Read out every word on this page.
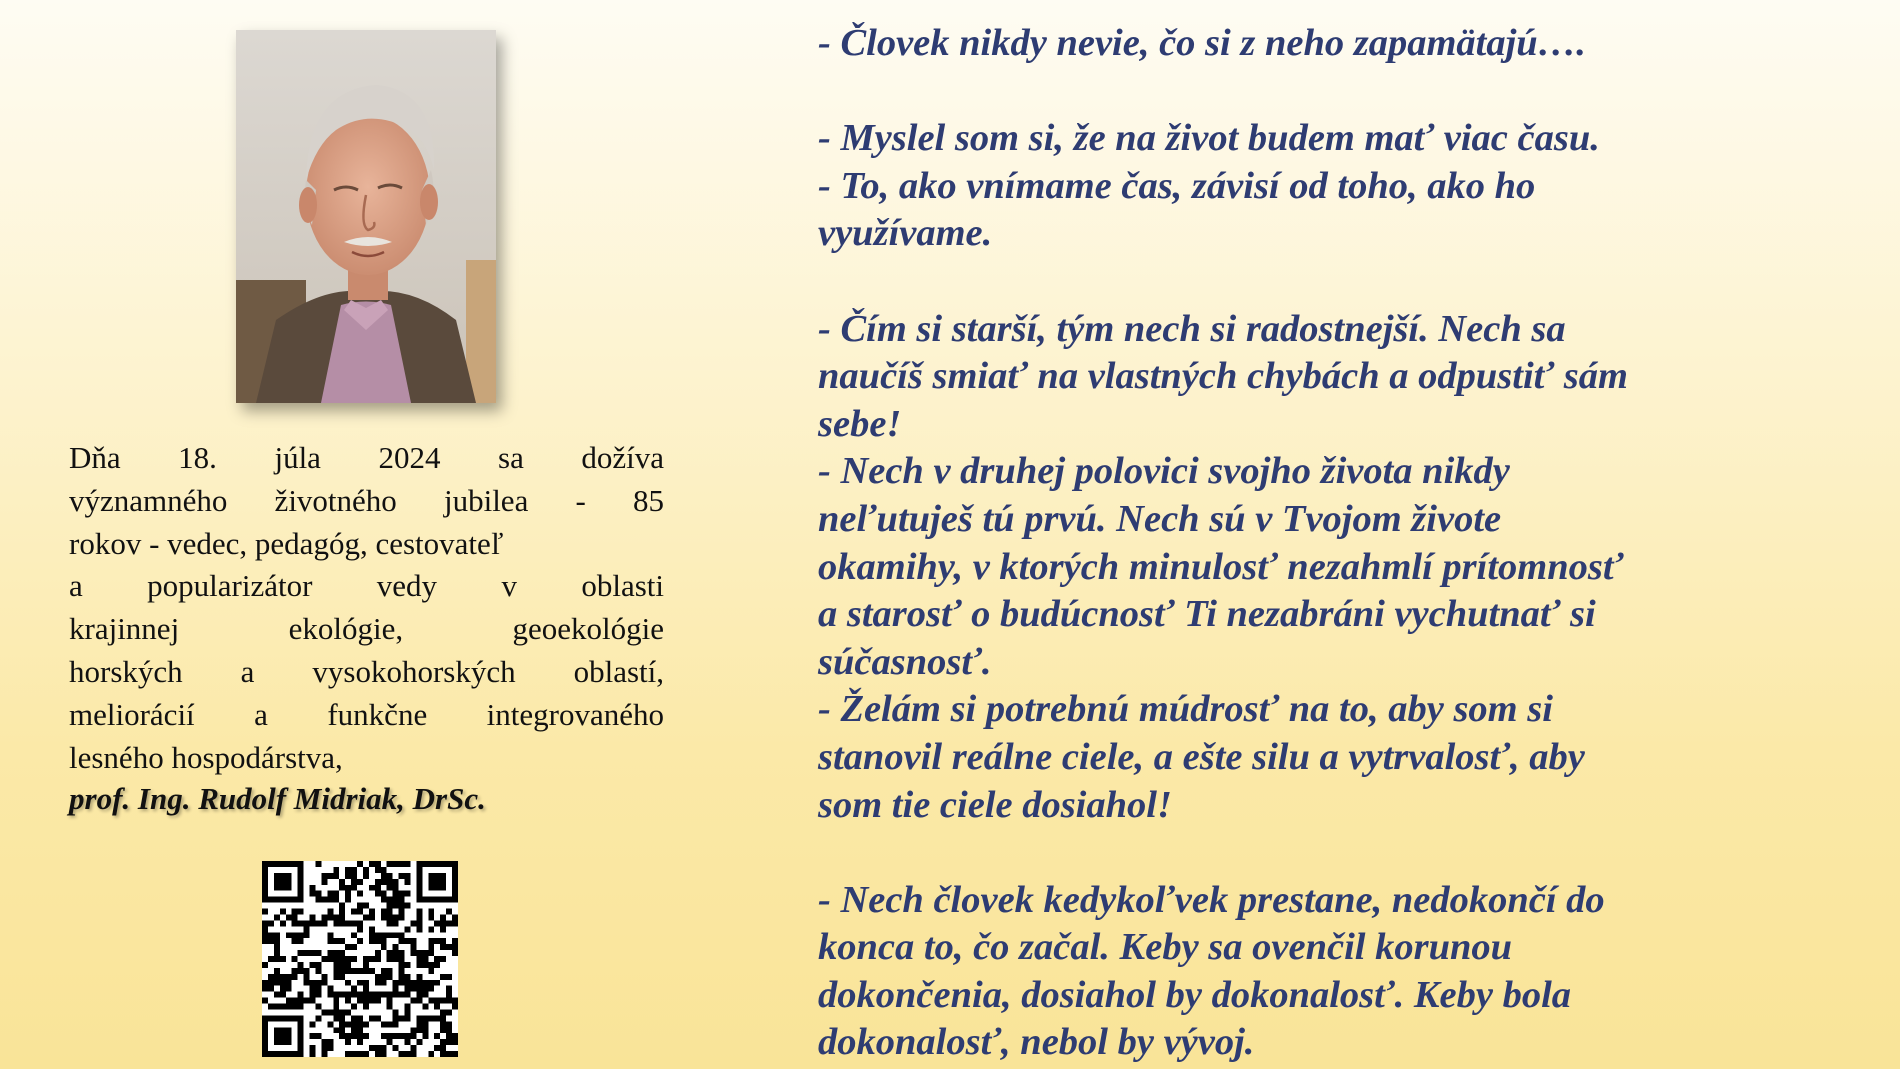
Dňa 18. júla 2024 sa dožíva
významného životného jubilea - 85
rokov - vedec, pedagóg, cestovateľ
a popularizátor vedy v oblasti
krajinnej ekológie, geoekológie
horských a vysokohorských oblastí,
meliorácií a funkčne integrovaného
lesného hospodárstva,
prof. Ing. Rudolf Midriak, DrSc.
- Človek nikdy nevie, čo si z neho zapamätajú….
- Myslel som si, že na život budem mať viac času.
- To, ako vnímame čas, závisí od toho, ako ho
využívame.
- Čím si starší, tým nech si radostnejší. Nech sa
naučíš smiať na vlastných chybách a odpustiť sám
sebe!
- Nech v druhej polovici svojho života nikdy
neľutuješ tú prvú. Nech sú v Tvojom živote
okamihy, v ktorých minulosť nezahmlí prítomnosť
a starosť o budúcnosť Ti nezabráni vychutnať si
súčasnosť.
- Želám si potrebnú múdrosť na to, aby som si
stanovil reálne ciele, a ešte silu a vytrvalosť, aby
som tie ciele dosiahol!
- Nech človek kedykoľvek prestane, nedokončí do
konca to, čo začal. Keby sa ovenčil korunou
dokončenia, dosiahol by dokonalosť. Keby bola
dokonalosť, nebol by vývoj.
